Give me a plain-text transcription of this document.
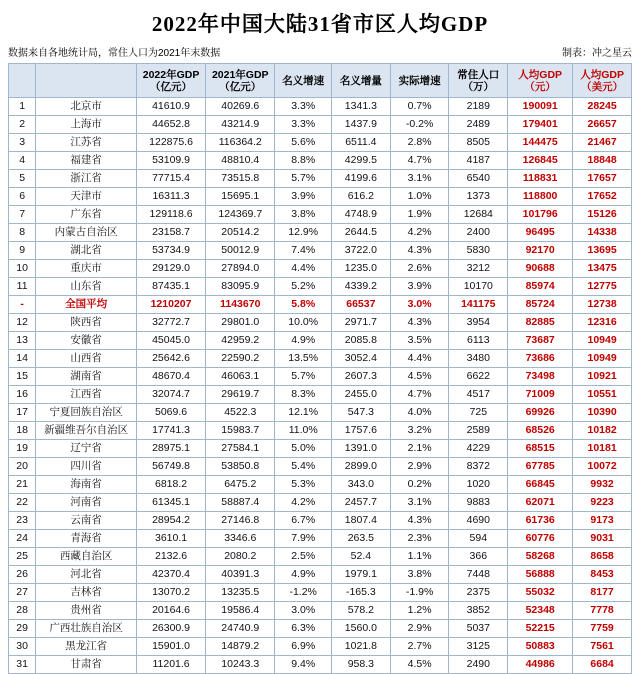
2022年中国大陆31省市区人均GDP
数据来自各地统计局，常住人口为2021年末数据	制表：冲之星云

		2022年GDP
（亿元）	2021年GDP
（亿元）	名义增速	名义增量	实际增速	常住人口
（万）	人均GDP
（元）	人均GDP
（美元）

1	北京市	41610.9	40269.6	3.3%	1341.3	0.7%	2189	190091	28245
2	上海市	44652.8	43214.9	3.3%	1437.9	-0.2%	2489	179401	26657
3	江苏省	122875.6	116364.2	5.6%	6511.4	2.8%	8505	144475	21467
4	福建省	53109.9	48810.4	8.8%	4299.5	4.7%	4187	126845	18848
5	浙江省	77715.4	73515.8	5.7%	4199.6	3.1%	6540	118831	17657
6	天津市	16311.3	15695.1	3.9%	616.2	1.0%	1373	118800	17652
7	广东省	129118.6	124369.7	3.8%	4748.9	1.9%	12684	101796	15126
8	内蒙古自治区	23158.7	20514.2	12.9%	2644.5	4.2%	2400	96495	14338
9	湖北省	53734.9	50012.9	7.4%	3722.0	4.3%	5830	92170	13695
10	重庆市	29129.0	27894.0	4.4%	1235.0	2.6%	3212	90688	13475
11	山东省	87435.1	83095.9	5.2%	4339.2	3.9%	10170	85974	12775
-	全国平均	1210207	1143670	5.8%	66537	3.0%	141175	85724	12738
12	陕西省	32772.7	29801.0	10.0%	2971.7	4.3%	3954	82885	12316
13	安徽省	45045.0	42959.2	4.9%	2085.8	3.5%	6113	73687	10949
14	山西省	25642.6	22590.2	13.5%	3052.4	4.4%	3480	73686	10949
15	湖南省	48670.4	46063.1	5.7%	2607.3	4.5%	6622	73498	10921
16	江西省	32074.7	29619.7	8.3%	2455.0	4.7%	4517	71009	10551
17	宁夏回族自治区	5069.6	4522.3	12.1%	547.3	4.0%	725	69926	10390
18	新疆维吾尔自治区	17741.3	15983.7	11.0%	1757.6	3.2%	2589	68526	10182
19	辽宁省	28975.1	27584.1	5.0%	1391.0	2.1%	4229	68515	10181
20	四川省	56749.8	53850.8	5.4%	2899.0	2.9%	8372	67785	10072
21	海南省	6818.2	6475.2	5.3%	343.0	0.2%	1020	66845	9932
22	河南省	61345.1	58887.4	4.2%	2457.7	3.1%	9883	62071	9223
23	云南省	28954.2	27146.8	6.7%	1807.4	4.3%	4690	61736	9173
24	青海省	3610.1	3346.6	7.9%	263.5	2.3%	594	60776	9031
25	西藏自治区	2132.6	2080.2	2.5%	52.4	1.1%	366	58268	8658
26	河北省	42370.4	40391.3	4.9%	1979.1	3.8%	7448	56888	8453
27	吉林省	13070.2	13235.5	-1.2%	-165.3	-1.9%	2375	55032	8177
28	贵州省	20164.6	19586.4	3.0%	578.2	1.2%	3852	52348	7778
29	广西壮族自治区	26300.9	24740.9	6.3%	1560.0	2.9%	5037	52215	7759
30	黑龙江省	15901.0	14879.2	6.9%	1021.8	2.7%	3125	50883	7561
31	甘肃省	11201.6	10243.3	9.4%	958.3	4.5%	2490	44986	6684
